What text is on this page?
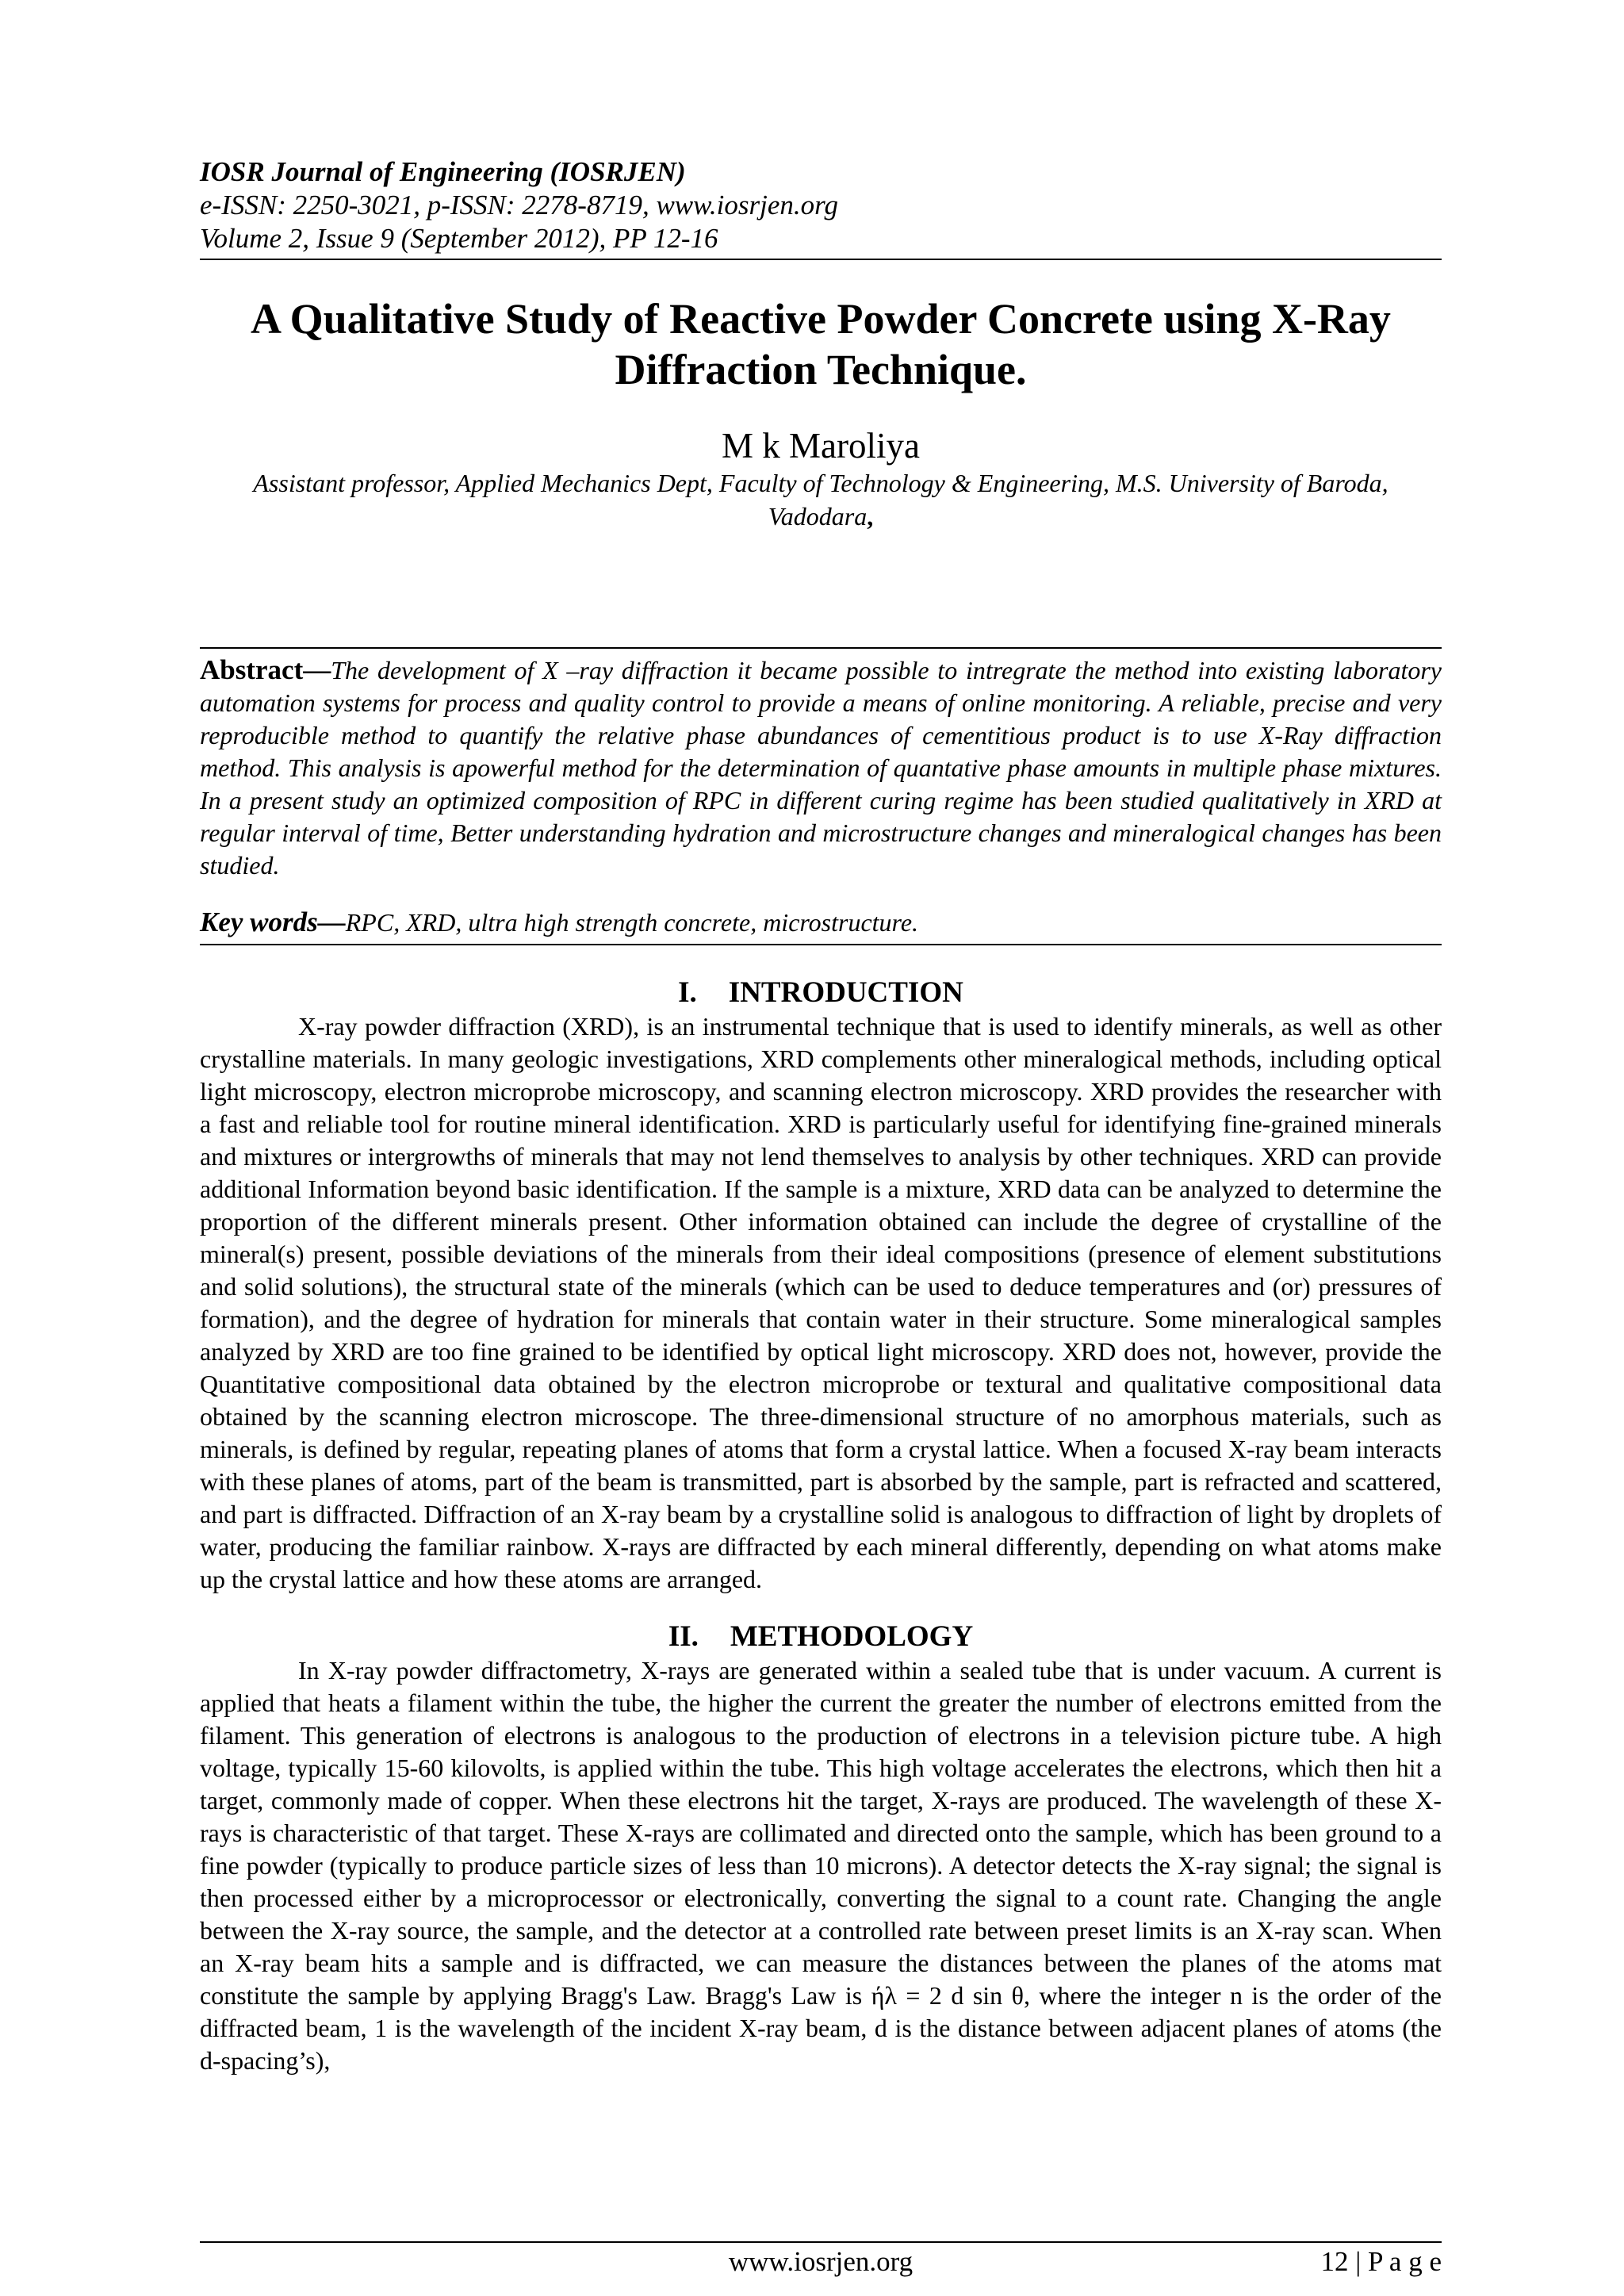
IOSR Journal of Engineering (IOSRJEN)
e-ISSN: 2250-3021, p-ISSN: 2278-8719, www.iosrjen.org
Volume 2, Issue 9 (September 2012), PP 12-16
A Qualitative Study of Reactive Powder Concrete using X-Ray Diffraction Technique.
M k Maroliya
Assistant professor, Applied Mechanics Dept, Faculty of Technology & Engineering, M.S. University of Baroda, Vadodara,
Abstract—The development of X –ray diffraction it became possible to intregrate the method into existing laboratory automation systems for process and quality control to provide a means of online monitoring. A reliable, precise and very reproducible method to quantify the relative phase abundances of cementitious product is to use X-Ray diffraction method. This analysis is apowerful method for the determination of quantative phase amounts in multiple phase mixtures. In a present study an optimized composition of RPC in different curing regime has been studied qualitatively in XRD at regular interval of time, Better understanding hydration and microstructure changes and mineralogical changes has been studied.
Key words—RPC, XRD, ultra high strength concrete, microstructure.
I. INTRODUCTION
X-ray powder diffraction (XRD), is an instrumental technique that is used to identify minerals, as well as other crystalline materials. In many geologic investigations, XRD complements other mineralogical methods, including optical light microscopy, electron microprobe microscopy, and scanning electron microscopy. XRD provides the researcher with a fast and reliable tool for routine mineral identification. XRD is particularly useful for identifying fine-grained minerals and mixtures or intergrowths of minerals that may not lend themselves to analysis by other techniques. XRD can provide additional Information beyond basic identification. If the sample is a mixture, XRD data can be analyzed to determine the proportion of the different minerals present. Other information obtained can include the degree of crystalline of the mineral(s) present, possible deviations of the minerals from their ideal compositions (presence of element substitutions and solid solutions), the structural state of the minerals (which can be used to deduce temperatures and (or) pressures of formation), and the degree of hydration for minerals that contain water in their structure. Some mineralogical samples analyzed by XRD are too fine grained to be identified by optical light microscopy. XRD does not, however, provide the Quantitative compositional data obtained by the electron microprobe or textural and qualitative compositional data obtained by the scanning electron microscope. The three-dimensional structure of no amorphous materials, such as minerals, is defined by regular, repeating planes of atoms that form a crystal lattice. When a focused X-ray beam interacts with these planes of atoms, part of the beam is transmitted, part is absorbed by the sample, part is refracted and scattered, and part is diffracted. Diffraction of an X-ray beam by a crystalline solid is analogous to diffraction of light by droplets of water, producing the familiar rainbow. X-rays are diffracted by each mineral differently, depending on what atoms make up the crystal lattice and how these atoms are arranged.
II. METHODOLOGY
In X-ray powder diffractometry, X-rays are generated within a sealed tube that is under vacuum. A current is applied that heats a filament within the tube, the higher the current the greater the number of electrons emitted from the filament. This generation of electrons is analogous to the production of electrons in a television picture tube. A high voltage, typically 15-60 kilovolts, is applied within the tube. This high voltage accelerates the electrons, which then hit a target, commonly made of copper. When these electrons hit the target, X-rays are produced. The wavelength of these X-rays is characteristic of that target. These X-rays are collimated and directed onto the sample, which has been ground to a fine powder (typically to produce particle sizes of less than 10 microns). A detector detects the X-ray signal; the signal is then processed either by a microprocessor or electronically, converting the signal to a count rate. Changing the angle between the X-ray source, the sample, and the detector at a controlled rate between preset limits is an X-ray scan. When an X-ray beam hits a sample and is diffracted, we can measure the distances between the planes of the atoms mat constitute the sample by applying Bragg's Law. Bragg's Law is ήλ = 2 d sin θ, where the integer n is the order of the diffracted beam, 1 is the wavelength of the incident X-ray beam, d is the distance between adjacent planes of atoms (the d-spacing’s),
www.iosrjen.org	12 | P a g e
